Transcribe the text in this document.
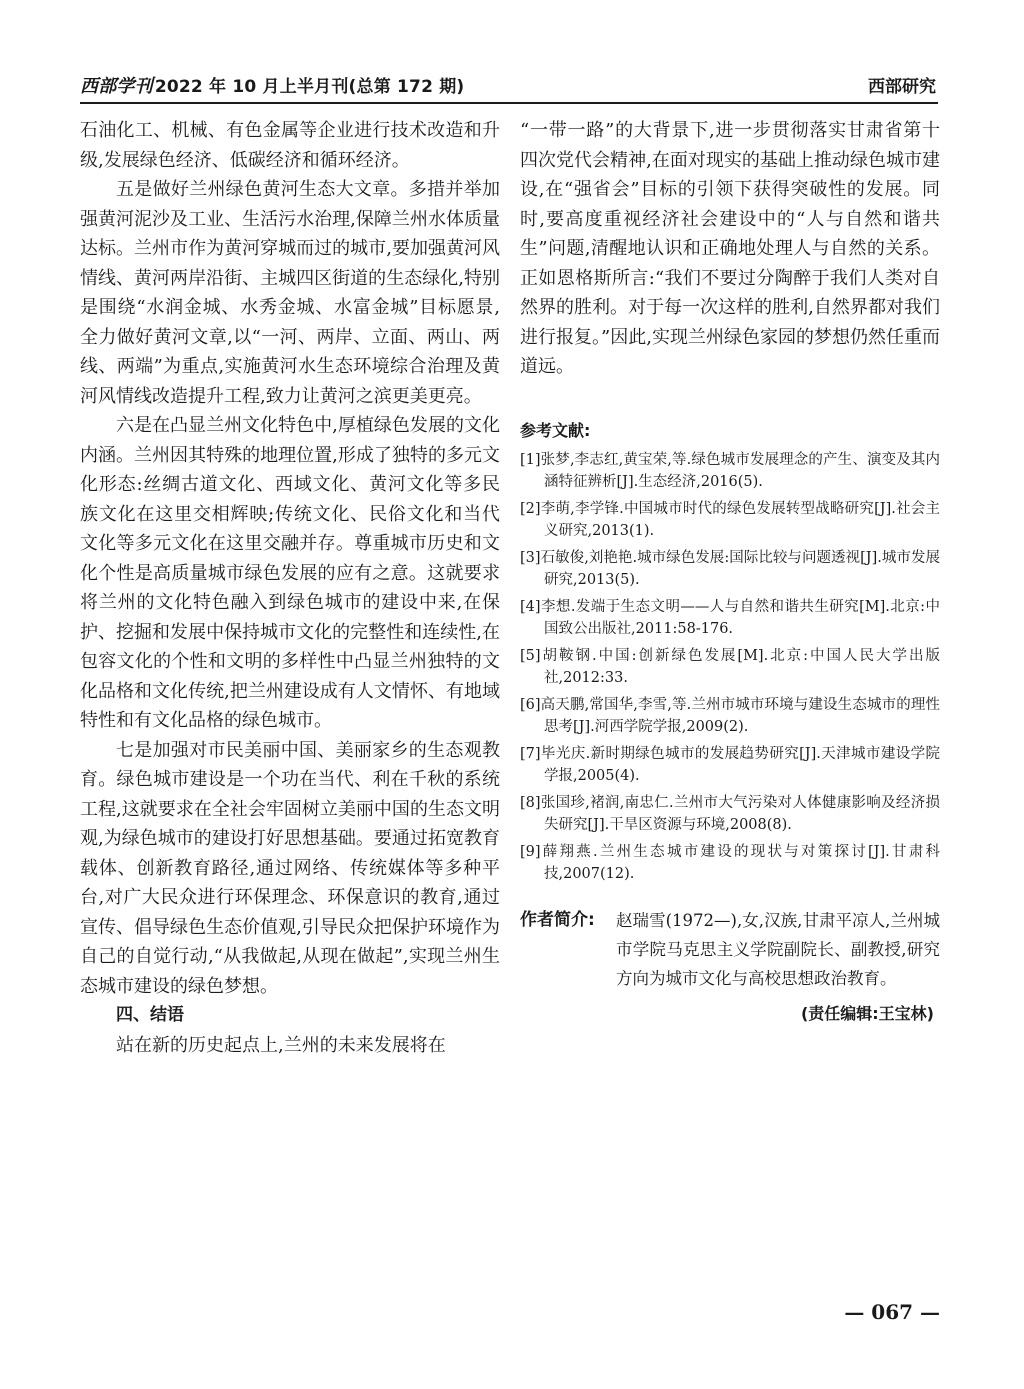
西部学刊 2022 年 10 月上半月刊(总第 172 期)	西部研究

石油化工、机械、有色金属等企业进行技术改造和升级,发展绿色经济、低碳经济和循环经济。

五是做好兰州绿色黄河生态大文章。多措并举加强黄河泥沙及工业、生活污水治理,保障兰州水体质量达标。兰州市作为黄河穿城而过的城市,要加强黄河风情线、黄河两岸沿街、主城四区街道的生态绿化,特别是围绕“水润金城、水秀金城、水富金城”目标愿景,全力做好黄河文章,以“一河、两岸、立面、两山、两线、两端”为重点,实施黄河水生态环境综合治理及黄河风情线改造提升工程,致力让黄河之滨更美更亮。

六是在凸显兰州文化特色中,厚植绿色发展的文化内涵。兰州因其特殊的地理位置,形成了独特的多元文化形态:丝绸古道文化、西域文化、黄河文化等多民族文化在这里交相辉映;传统文化、民俗文化和当代文化等多元文化在这里交融并存。尊重城市历史和文化个性是高质量城市绿色发展的应有之意。这就要求将兰州的文化特色融入到绿色城市的建设中来,在保护、挖掘和发展中保持城市文化的完整性和连续性,在包容文化的个性和文明的多样性中凸显兰州独特的文化品格和文化传统,把兰州建设成有人文情怀、有地域特性和有文化品格的绿色城市。

七是加强对市民美丽中国、美丽家乡的生态观教育。绿色城市建设是一个功在当代、利在千秋的系统工程,这就要求在全社会牢固树立美丽中国的生态文明观,为绿色城市的建设打好思想基础。要通过拓宽教育载体、创新教育路径,通过网络、传统媒体等多种平台,对广大民众进行环保理念、环保意识的教育,通过宣传、倡导绿色生态价值观,引导民众把保护环境作为自己的自觉行动,“从我做起,从现在做起”,实现兰州生态城市建设的绿色梦想。

四、结语

站在新的历史起点上,兰州的未来发展将在

“一带一路”的大背景下,进一步贯彻落实甘肃省第十四次党代会精神,在面对现实的基础上推动绿色城市建设,在“强省会”目标的引领下获得突破性的发展。同时,要高度重视经济社会建设中的“人与自然和谐共生”问题,清醒地认识和正确地处理人与自然的关系。正如恩格斯所言:“我们不要过分陶醉于我们人类对自然界的胜利。对于每一次这样的胜利,自然界都对我们进行报复。”因此,实现兰州绿色家园的梦想仍然任重而道远。

参考文献:

[1]张梦,李志红,黄宝荣,等.绿色城市发展理念的产生、演变及其内涵特征辨析[J].生态经济,2016(5).

[2]李萌,李学锋.中国城市时代的绿色发展转型战略研究[J].社会主义研究,2013(1).

[3]石敏俊,刘艳艳.城市绿色发展:国际比较与问题透视[J].城市发展研究,2013(5).

[4]李想.发端于生态文明——人与自然和谐共生研究[M].北京:中国致公出版社,2011:58-176.

[5]胡鞍钢.中国:创新绿色发展[M].北京:中国人民大学出版社,2012:33.

[6]高天鹏,常国华,李雪,等.兰州市城市环境与建设生态城市的理性思考[J].河西学院学报,2009(2).

[7]毕光庆.新时期绿色城市的发展趋势研究[J].天津城市建设学院学报,2005(4).

[8]张国珍,褚润,南忠仁.兰州市大气污染对人体健康影响及经济损失研究[J].干旱区资源与环境,2008(8).

[9]薛翔燕.兰州生态城市建设的现状与对策探讨[J].甘肃科技,2007(12).

作者简介:	赵瑞雪(1972—),女,汉族,甘肃平凉人,兰州城市学院马克思主义学院副院长、副教授,研究方向为城市文化与高校思想政治教育。
(责任编辑:王宝林)
— 067 —
